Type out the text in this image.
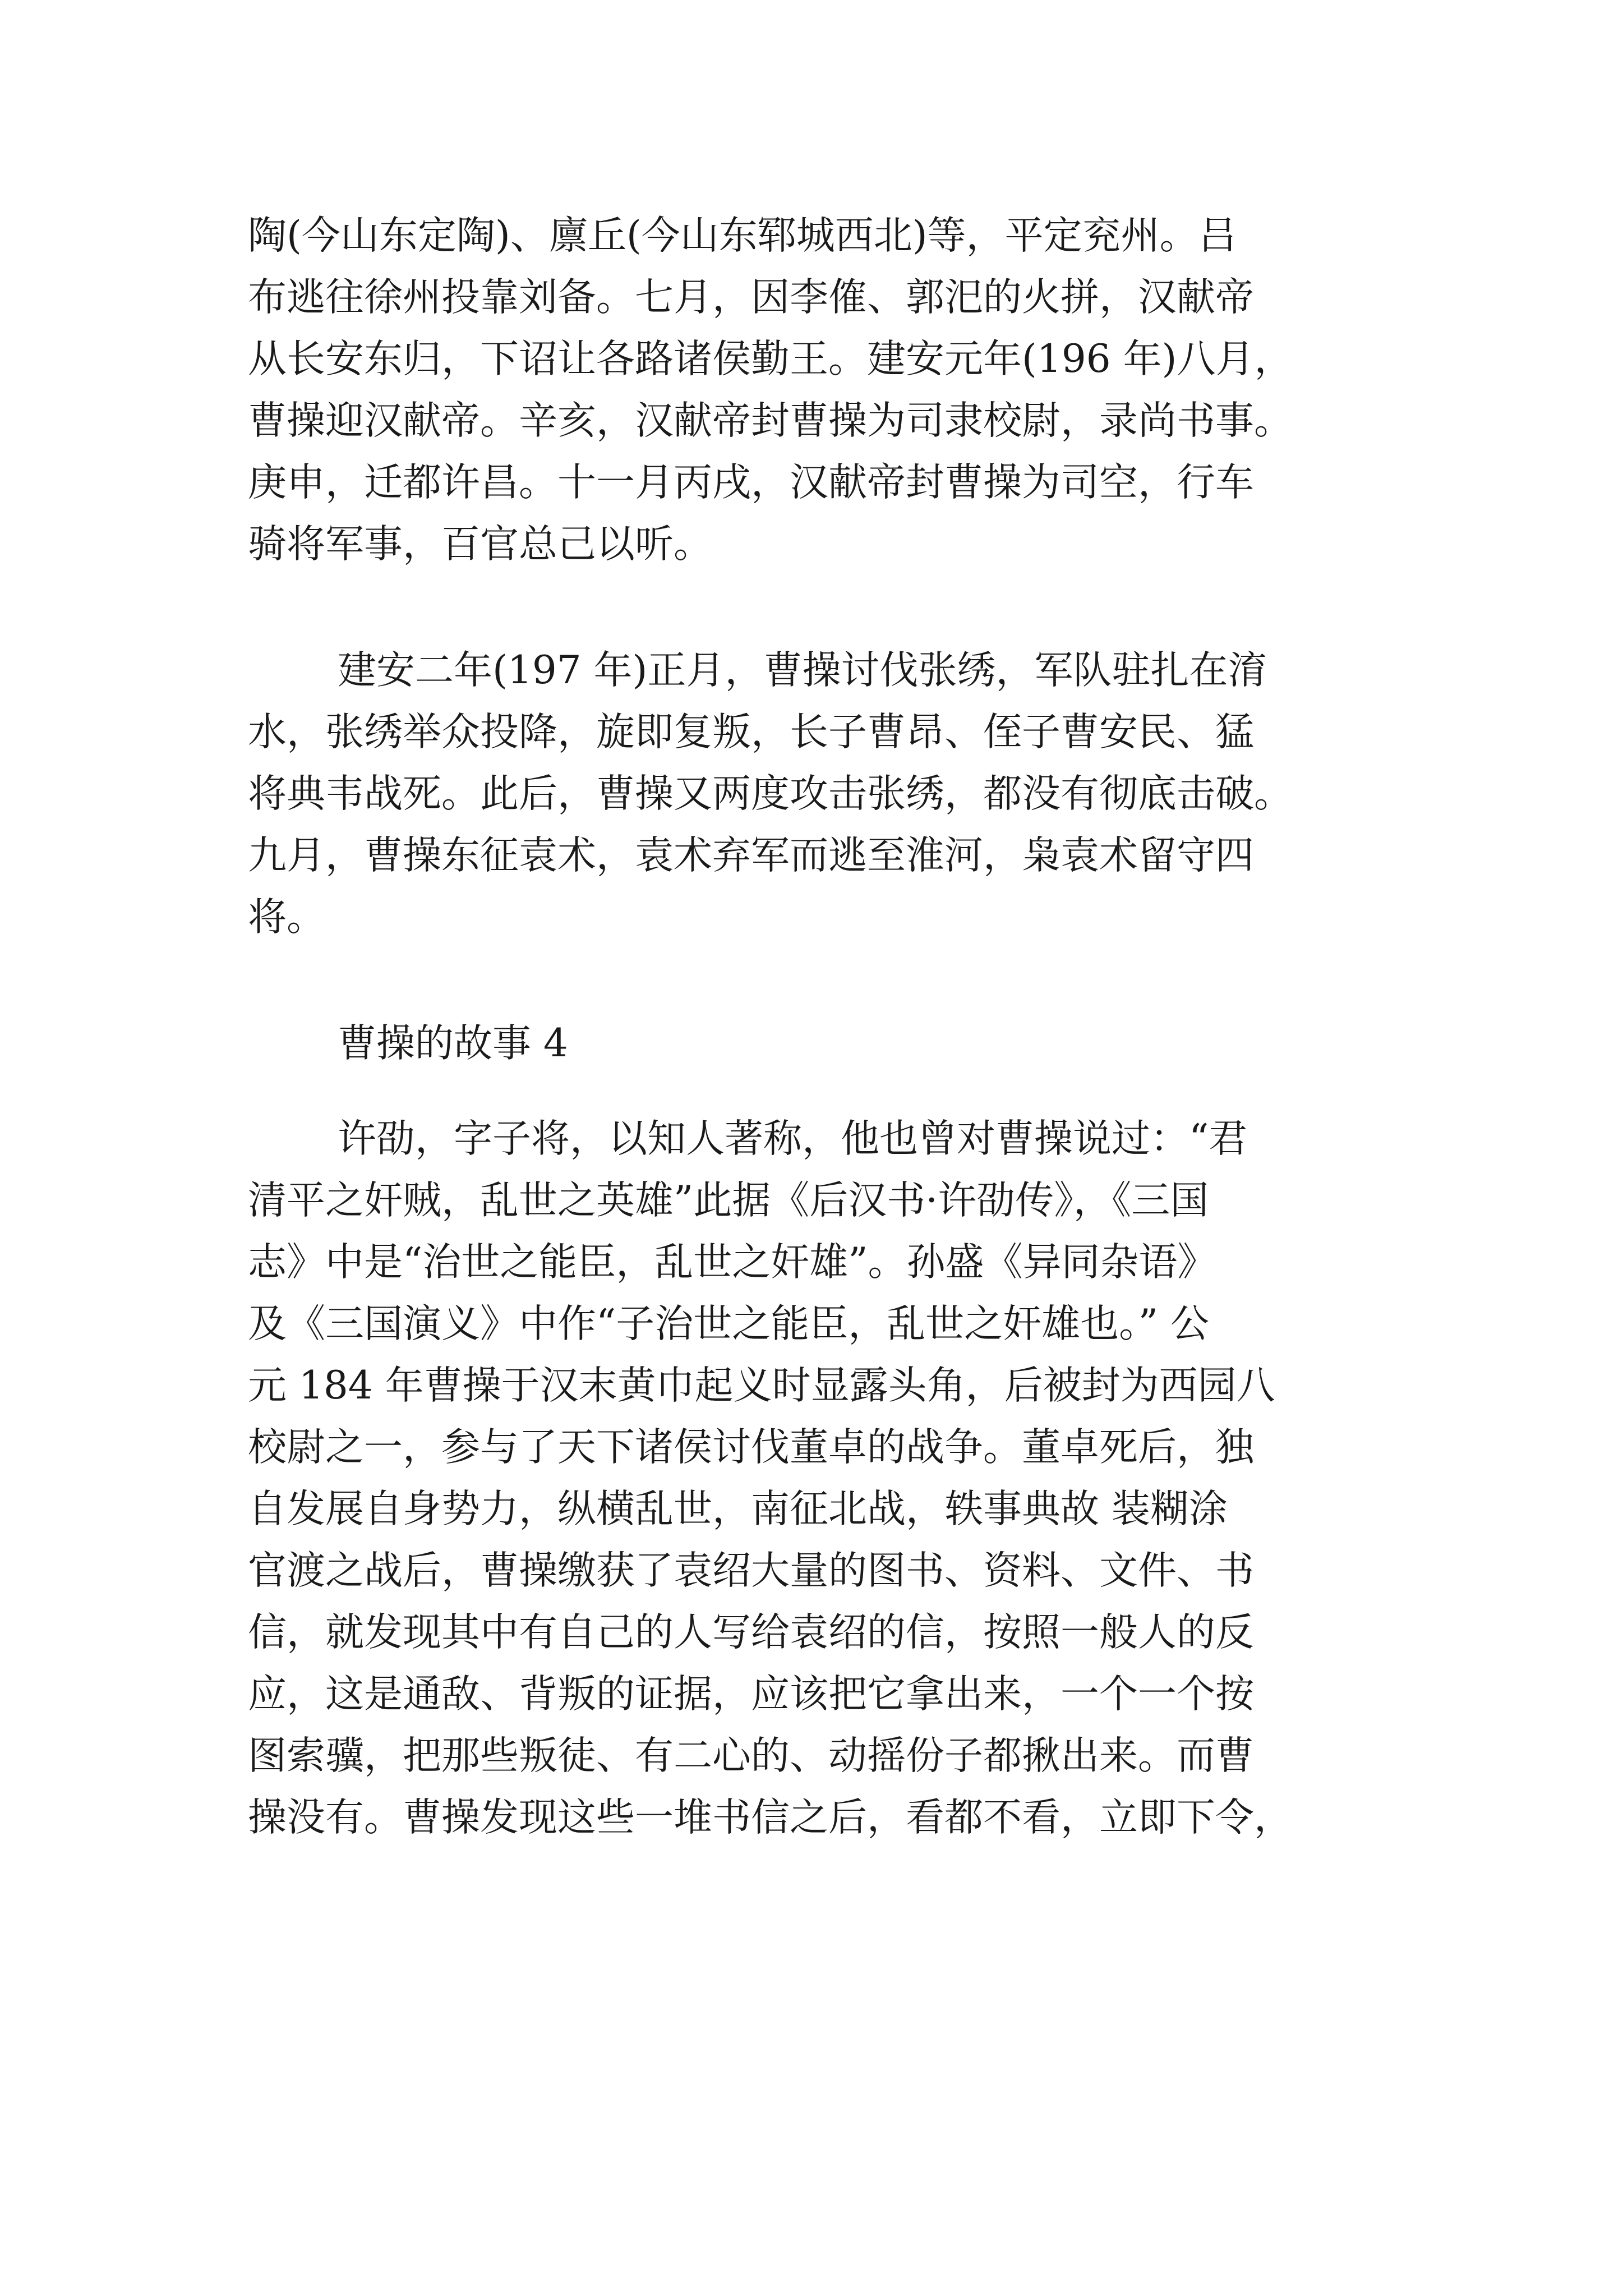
陶(今山东定陶)、廪丘(今山东郓城西北)等，平定兖州。吕
布逃往徐州投靠刘备。七月，因李傕、郭汜的火拼，汉献帝
从长安东归，下诏让各路诸侯勤王。建安元年(196 年)八月，
曹操迎汉献帝。辛亥，汉献帝封曹操为司隶校尉，录尚书事。
庚申，迁都许昌。十一月丙戌，汉献帝封曹操为司空，行车
骑将军事，百官总己以听。
建安二年(197 年)正月，曹操讨伐张绣，军队驻扎在淯
水，张绣举众投降，旋即复叛，长子曹昂、侄子曹安民、猛
将典韦战死。此后，曹操又两度攻击张绣，都没有彻底击破。
九月，曹操东征袁术，袁术弃军而逃至淮河，枭袁术留守四
将。
曹操的故事 4
许劭，字子将，以知人著称，他也曾对曹操说过：“君
清平之奸贼，乱世之英雄”此据《后汉书·许劭传》，《三国
志》中是“治世之能臣，乱世之奸雄”。孙盛《异同杂语》
及《三国演义》中作“子治世之能臣，乱世之奸雄也。” 公
元 184 年曹操于汉末黄巾起义时显露头角，后被封为西园八
校尉之一，参与了天下诸侯讨伐董卓的战争。董卓死后，独
自发展自身势力，纵横乱世，南征北战，轶事典故 装糊涂
官渡之战后，曹操缴获了袁绍大量的图书、资料、文件、书
信，就发现其中有自己的人写给袁绍的信，按照一般人的反
应，这是通敌、背叛的证据，应该把它拿出来，一个一个按
图索骥，把那些叛徒、有二心的、动摇份子都揪出来。而曹
操没有。曹操发现这些一堆书信之后，看都不看，立即下令，
